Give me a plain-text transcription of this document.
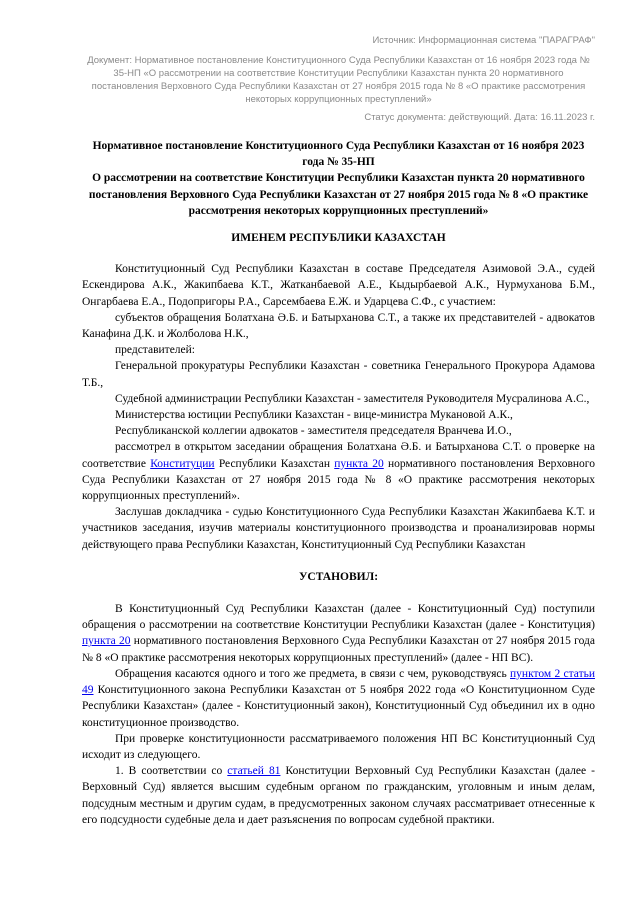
Источник: Информационная система "ПАРАГРАФ"
Документ: Нормативное постановление Конституционного Суда Республики Казахстан от 16 ноября 2023 года № 35-НП «О рассмотрении на соответствие Конституции Республики Казахстан пункта 20 нормативного постановления Верховного Суда Республики Казахстан от 27 ноября 2015 года № 8 «О практике рассмотрения некоторых коррупционных преступлений»
Статус документа: действующий. Дата: 16.11.2023 г.
Нормативное постановление Конституционного Суда Республики Казахстан от 16 ноября 2023 года № 35-НП
О рассмотрении на соответствие Конституции Республики Казахстан пункта 20 нормативного постановления Верховного Суда Республики Казахстан от 27 ноября 2015 года № 8 «О практике рассмотрения некоторых коррупционных преступлений»
ИМЕНЕМ РЕСПУБЛИКИ КАЗАХСТАН

Конституционный Суд Республики Казахстан в составе Председателя Азимовой Э.А., судей Ескендирова А.К., Жакипбаева К.Т., Жатканбаевой А.Е., Кыдырбаевой А.К., Нурмуханова Б.М., Онгарбаева Е.А., Подопригоры Р.А., Сарсембаева Е.Ж. и Ударцева С.Ф., с участием:

субъектов обращения Болатхана Ә.Б. и Батырханова С.Т., а также их представителей - адвокатов Канафина Д.К. и Жолболова Н.К.,

представителей:

Генеральной прокуратуры Республики Казахстан - советника Генерального Прокурора Адамова Т.Б.,

Судебной администрации Республики Казахстан - заместителя Руководителя Мусралинова А.С.,

Министерства юстиции Республики Казахстан - вице-министра Мукановой А.К.,

Республиканской коллегии адвокатов - заместителя председателя Вранчева И.О.,

рассмотрел в открытом заседании обращения Болатхана Ә.Б. и Батырханова С.Т. о проверке на соответствие Конституции Республики Казахстан пункта 20 нормативного постановления Верховного Суда Республики Казахстан от 27 ноября 2015 года № 8 «О практике рассмотрения некоторых коррупционных преступлений».

Заслушав докладчика - судью Конституционного Суда Республики Казахстан Жакипбаева К.Т. и участников заседания, изучив материалы конституционного производства и проанализировав нормы действующего права Республики Казахстан, Конституционный Суд Республики Казахстан

УСТАНОВИЛ:

В Конституционный Суд Республики Казахстан (далее - Конституционный Суд) поступили обращения о рассмотрении на соответствие Конституции Республики Казахстан (далее - Конституция) пункта 20 нормативного постановления Верховного Суда Республики Казахстан от 27 ноября 2015 года № 8 «О практике рассмотрения некоторых коррупционных преступлений» (далее - НП ВС).

Обращения касаются одного и того же предмета, в связи с чем, руководствуясь пунктом 2 статьи 49 Конституционного закона Республики Казахстан от 5 ноября 2022 года «О Конституционном Суде Республики Казахстан» (далее - Конституционный закон), Конституционный Суд объединил их в одно конституционное производство.

При проверке конституционности рассматриваемого положения НП ВС Конституционный Суд исходит из следующего.

1. В соответствии со статьей 81 Конституции Верховный Суд Республики Казахстан (далее - Верховный Суд) является высшим судебным органом по гражданским, уголовным и иным делам, подсудным местным и другим судам, в предусмотренных законом случаях рассматривает отнесенные к его подсудности судебные дела и дает разъяснения по вопросам судебной практики.
